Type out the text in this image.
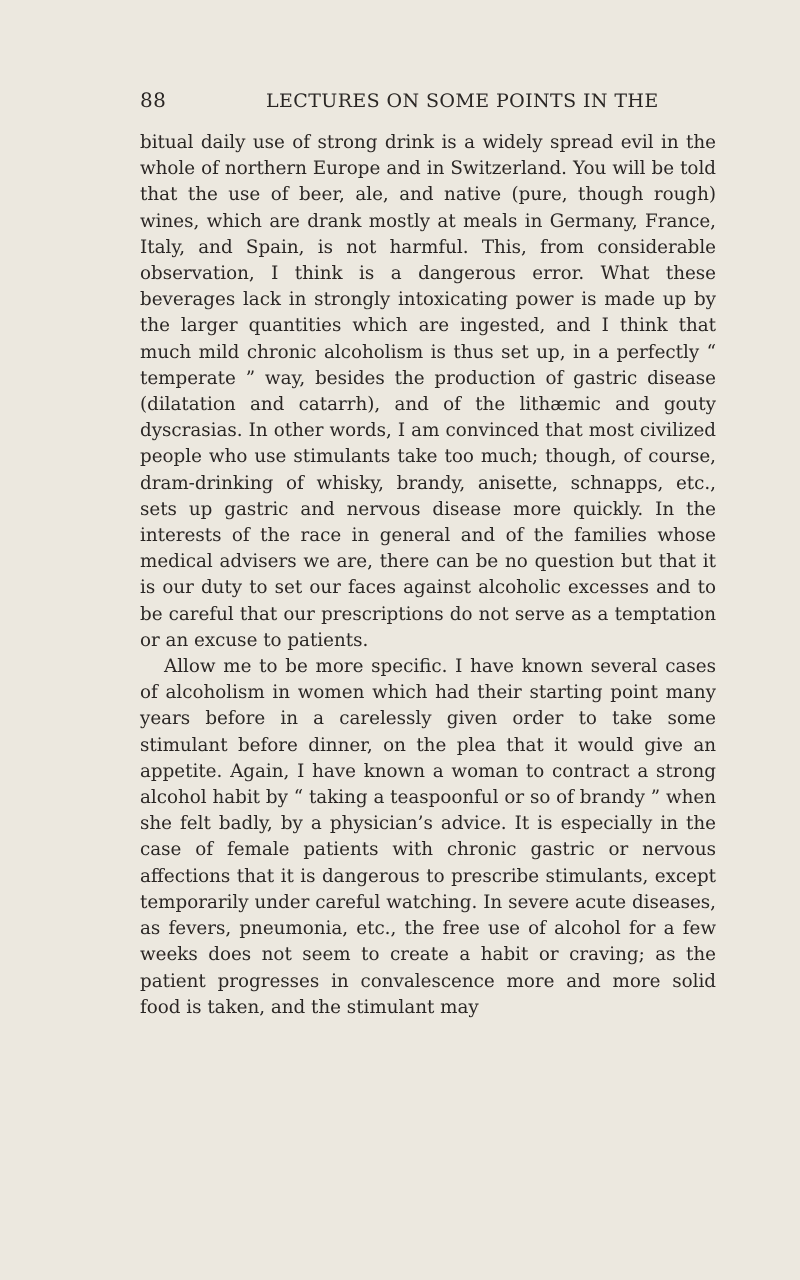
88	LECTURES ON SOME POINTS IN THE

bitual daily use of strong drink is a widely spread evil in the whole of northern Europe and in Switzerland. You will be told that the use of beer, ale, and native (pure, though rough) wines, which are drank mostly at meals in Germany, France, Italy, and Spain, is not harmful. This, from considerable observation, I think is a dangerous error. What these beverages lack in strongly intoxicating power is made up by the larger quantities which are ingested, and I think that much mild chronic alcoholism is thus set up, in a perfectly “ temperate ” way, besides the production of gastric disease (dilatation and catarrh), and of the lithæmic and gouty dyscrasias. In other words, I am convinced that most civilized people who use stimulants take too much; though, of course, dram-drinking of whisky, brandy, anisette, schnapps, etc., sets up gastric and nervous disease more quickly. In the interests of the race in general and of the families whose medical advisers we are, there can be no question but that it is our duty to set our faces against alcoholic excesses and to be careful that our prescriptions do not serve as a temptation or an excuse to patients.

Allow me to be more specific. I have known several cases of alcoholism in women which had their starting point many years before in a carelessly given order to take some stimulant before dinner, on the plea that it would give an appetite. Again, I have known a woman to contract a strong alcohol habit by “ taking a teaspoonful or so of brandy ” when she felt badly, by a physician’s advice. It is especially in the case of female patients with chronic gastric or nervous affections that it is dangerous to prescribe stimulants, except temporarily under careful watching. In severe acute diseases, as fevers, pneumonia, etc., the free use of alcohol for a few weeks does not seem to create a habit or craving; as the patient progresses in convalescence more and more solid food is taken, and the stimulant may
